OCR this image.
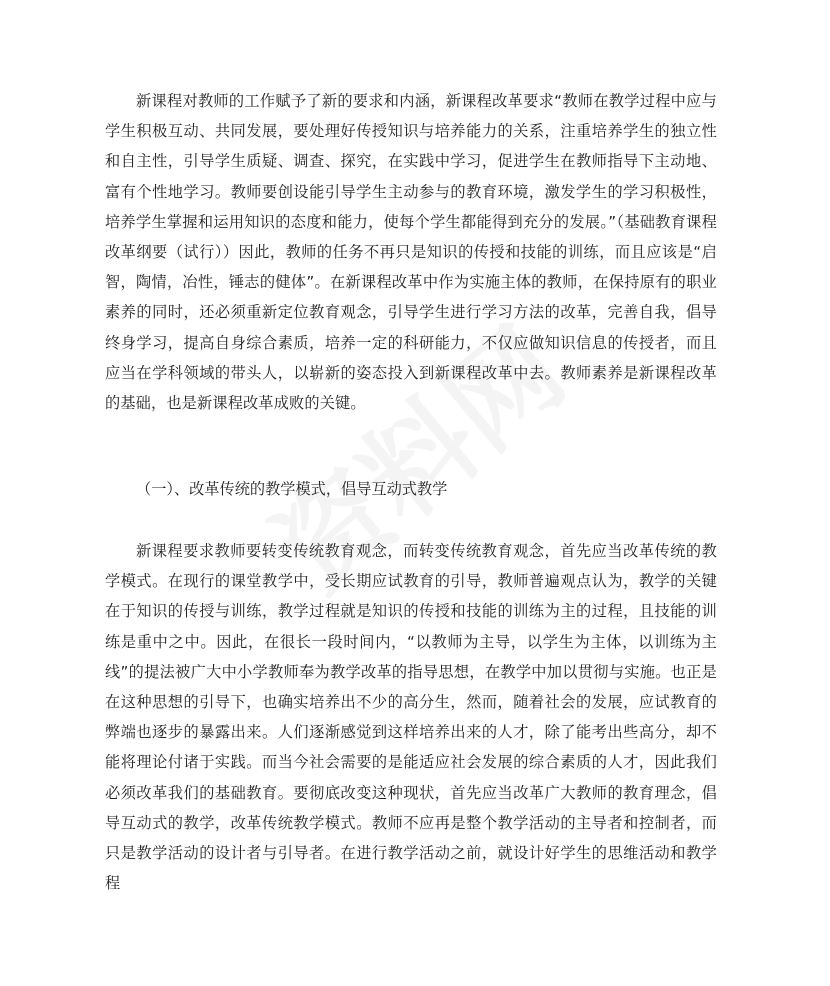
新课程对教师的工作赋予了新的要求和内涵，新课程改革要求“教师在教学过程中应与学生积极互动、共同发展，要处理好传授知识与培养能力的关系，注重培养学生的独立性和自主性，引导学生质疑、调查、探究，在实践中学习，促进学生在教师指导下主动地、富有个性地学习。教师要创设能引导学生主动参与的教育环境，激发学生的学习积极性，培养学生掌握和运用知识的态度和能力，使每个学生都能得到充分的发展。”（基础教育课程改革纲要（试行））因此，教师的任务不再只是知识的传授和技能的训练，而且应该是“启智，陶情，冶性，锤志的健体”。在新课程改革中作为实施主体的教师，在保持原有的职业素养的同时，还必须重新定位教育观念，引导学生进行学习方法的改革，完善自我，倡导终身学习，提高自身综合素质，培养一定的科研能力，不仅应做知识信息的传授者，而且应当在学科领域的带头人，以崭新的姿态投入到新课程改革中去。教师素养是新课程改革的基础，也是新课程改革成败的关键。

（一）、改革传统的教学模式，倡导互动式教学

新课程要求教师要转变传统教育观念，而转变传统教育观念，首先应当改革传统的教学模式。在现行的课堂教学中，受长期应试教育的引导，教师普遍观点认为，教学的关键在于知识的传授与训练，教学过程就是知识的传授和技能的训练为主的过程，且技能的训练是重中之中。因此，在很长一段时间内，“以教师为主导，以学生为主体，以训练为主线”的提法被广大中小学教师奉为教学改革的指导思想，在教学中加以贯彻与实施。也正是在这种思想的引导下，也确实培养出不少的高分生，然而，随着社会的发展，应试教育的弊端也逐步的暴露出来。人们逐渐感觉到这样培养出来的人才，除了能考出些高分，却不能将理论付诸于实践。而当今社会需要的是能适应社会发展的综合素质的人才，因此我们必须改革我们的基础教育。要彻底改变这种现状，首先应当改革广大教师的教育理念，倡导互动式的教学，改革传统教学模式。教师不应再是整个教学活动的主导者和控制者，而只是教学活动的设计者与引导者。在进行教学活动之前，就设计好学生的思维活动和教学程
